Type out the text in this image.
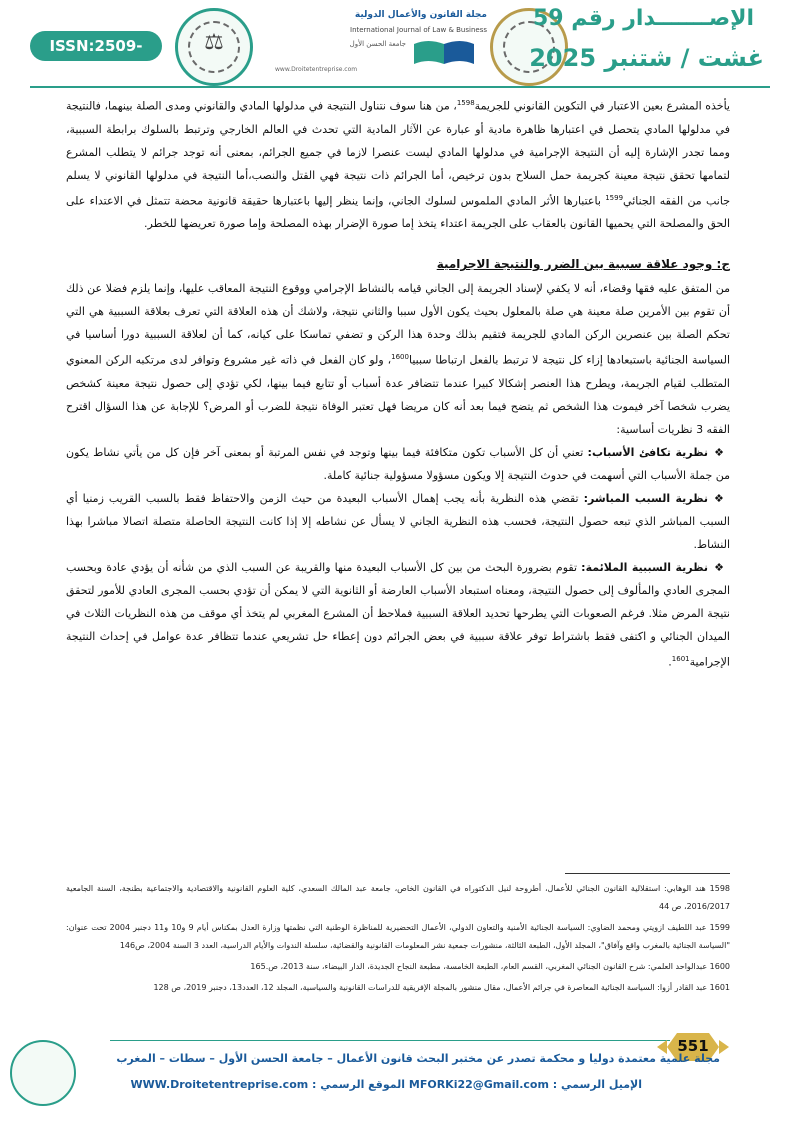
ISSN:2509-0291
⚖
مجلة القانون والأعمال الدولية
International Journal of Law & Business
جامعة الحسن الأول
www.Droitetentreprise.com
الإصـــــــدار رقم 59
غشت / شتنبر 2025

يأخذه المشرع بعين الاعتبار في التكوين القانوني للجريمة$^{1598}$، من هنا سوف نتناول النتيجة في مدلولها المادي والقانوني ومدى الصلة بينهما، فالنتيجة في مدلولها المادي يتحصل في اعتبارها ظاهرة مادية أو عبارة عن الآثار المادية التي تحدث في العالم الخارجي وترتبط بالسلوك برابطة السببية، ومما تجدر الإشارة إليه أن النتيجة الإجرامية في مدلولها المادي ليست عنصرا لازما في جميع الجرائم، بمعنى أنه توجد جرائم لا يتطلب المشرع لتمامها تحقق نتيجة معينة كجريمة حمل السلاح بدون ترخيص، أما الجرائم ذات نتيجة فهي القتل والنصب،أما النتيجة في مدلولها القانوني لا يسلم جانب من الفقه الجنائي$^{1599}$ باعتبارها الأثر المادي الملموس لسلوك الجاني، وإنما ينظر إليها باعتبارها حقيقة قانونية محضة تتمثل في الاعتداء على الحق والمصلحة التي يحميها القانون بالعقاب على الجريمة اعتداء يتخذ إما صورة الإضرار بهذه المصلحة وإما صورة تعريضها للخطر.

ج: وجود علاقة سببية بين الضرر والنتيجة الاجرامية

من المتفق عليه فقها وقضاء، أنه لا يكفي لإسناد الجريمة إلى الجاني قيامه بالنشاط الإجرامي ووقوع النتيجة المعاقب عليها، وإنما يلزم فضلا عن ذلك أن تقوم بين الأمرين صلة معينة هي صلة بالمعلول بحيث يكون الأول سببا والثاني نتيجة، ولاشك أن هذه العلاقة التي تعرف بعلاقة السببية هي التي تحكم الصلة بين عنصرين الركن المادي للجريمة فتقيم بذلك وحدة هذا الركن و تضفي تماسكا على كيانه، كما أن لعلاقة السببية دورا أساسيا في السياسة الجنائية باستبعادها إزاء كل نتيجة لا ترتبط بالفعل ارتباطا سببيا$^{1600}$، ولو كان الفعل في ذاته غير مشروع وتوافر لدى مرتكبه الركن المعنوي المتطلب لقيام الجريمة، ويطرح هذا العنصر إشكالا كبيرا عندما تتضافر عدة أسباب أو تتابع فيما بينها، لكي تؤدي إلى حصول نتيجة معينة كشخص يضرب شخصا آخر فيموت هذا الشخص ثم يتضح فيما بعد أنه كان مريضا فهل تعتبر الوفاة نتيجة للضرب أو المرض؟ للإجابة عن هذا السؤال اقترح الفقه 3 نظريات أساسية:

❖نظرية تكافئ الأسباب: تعني أن كل الأسباب تكون متكافئة فيما بينها وتوجد في نفس المرتبة أو بمعنى آخر فإن كل من يأتي نشاط يكون من جملة الأسباب التي أسهمت في حدوث النتيجة إلا ويكون مسؤولا مسؤولية جنائية كاملة.

❖نظرية السبب المباشر: تقضي هذه النظرية بأنه يجب إهمال الأسباب البعيدة من حيث الزمن والاحتفاظ فقط بالسبب القريب زمنيا أي السبب المباشر الذي تبعه حصول النتيجة، فحسب هذه النظرية الجاني لا يسأل عن نشاطه إلا إذا كانت النتيجة الحاصلة متصلة اتصالا مباشرا بهذا النشاط.

❖نظرية السببية الملائمة: تقوم بضرورة البحث من بين كل الأسباب البعيدة منها والقريبة عن السبب الذي من شأنه أن يؤدي عادة وبحسب المجرى العادي والمألوف إلى حصول النتيجة، ومعناه استبعاد الأسباب العارضة أو الثانوية التي لا يمكن أن تؤدي بحسب المجرى العادي للأمور لتحقق نتيجة المرض مثلا. فرغم الصعوبات التي يطرحها تحديد العلاقة السببية فملاحظ أن المشرع المغربي لم يتخذ أي موقف من هذه النظريات الثلاث في الميدان الجنائي و اكتفى فقط باشتراط توفر علاقة سببية في بعض الجرائم دون إعطاء حل تشريعي عندما تتظافر عدة عوامل في إحداث النتيجة الإجرامية$^{1601}$.

1598 هند الوهابي: استقلالية القانون الجنائي للأعمال، أطروحة لنيل الدكتوراه في القانون الخاص، جامعة عبد المالك السعدي، كلية العلوم القانونية والاقتصادية والاجتماعية بطنجة، السنة الجامعية 2016/2017، ص 44

1599 عبد اللطيف ازويتي ومحمد الضاوي: السياسة الجنائية الأمنية والتعاون الدولي، الأعمال التحضيرية للمناظرة الوطنية التي نظمتها وزارة العدل بمكناس أيام 9 و10 و11 دجنبر 2004 تحت عنوان: "السياسة الجنائية بالمغرب واقع وآفاق"، المجلد الأول، الطبعة الثالثة، منشورات جمعية نشر المعلومات القانونية والقضائية، سلسلة الندوات والأيام الدراسية، العدد 3 السنة 2004، ص146

1600 عبدالواحد العلمي: شرح القانون الجنائي المغربي، القسم العام، الطبعة الخامسة، مطبعة النجاح الجديدة، الدار البيضاء، سنة 2013، ص.165

1601 عبد القادر أزوا: السياسة الجنائية المعاصرة في جرائم الأعمال، مقال منشور بالمجلة الإفريقية للدراسات القانونية والسياسية، المجلد 12، العدد13، دجنبر 2019، ص 128

551
مجلة علمية معتمدة دوليا و محكمة تصدر عن مختبر البحث قانون الأعمال – جامعة الحسن الأول – سطات – المغرب
الإميل الرسمي : MFORKi22@Gmail.com الموقع الرسمي : WWW.Droitetentreprise.com
